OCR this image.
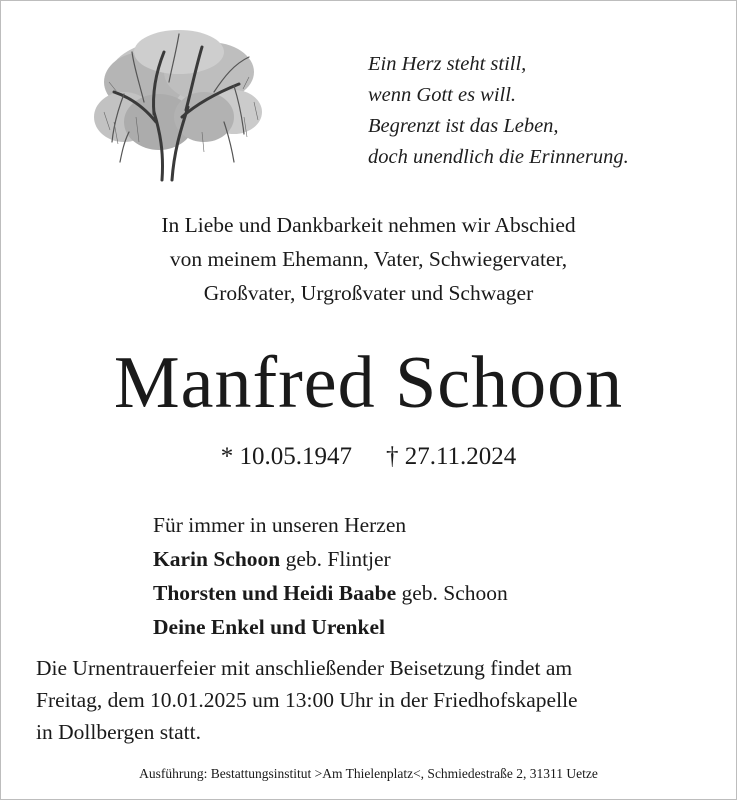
Ein Herz steht still,
wenn Gott es will.
Begrenzt ist das Leben,
doch unendlich die Erinnerung.
In Liebe und Dankbarkeit nehmen wir Abschied
von meinem Ehemann, Vater, Schwiegervater,
Großvater, Urgroßvater und Schwager
Manfred Schoon
* 10.05.1947 † 27.11.2024
Für immer in unseren Herzen
Karin Schoon geb. Flintjer
Thorsten und Heidi Baabe geb. Schoon
Deine Enkel und Urenkel
Die Urnentrauerfeier mit anschließender Beisetzung findet am
Freitag, dem 10.01.2025 um 13:00 Uhr in der Friedhofskapelle
in Dollbergen statt.
Ausführung: Bestattungsinstitut >Am Thielenplatz<, Schmiedestraße 2, 31311 Uetze
